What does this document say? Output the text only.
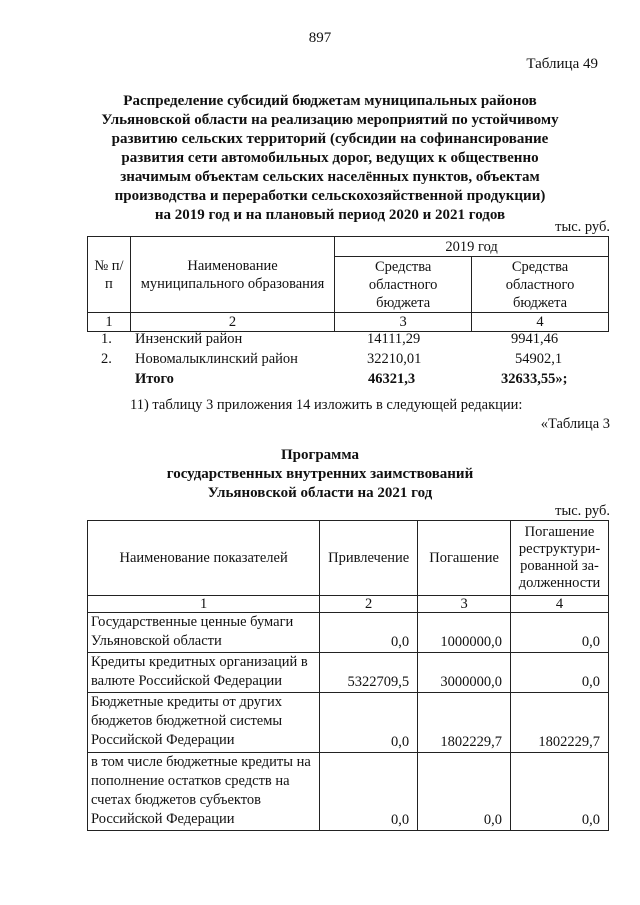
897
Таблица 49
Распределение субсидий бюджетам муниципальных районов
Ульяновской области на реализацию мероприятий по устойчивому
развитию сельских территорий (субсидии на софинансирование
развития сети автомобильных дорог, ведущих к общественно
значимым объектам сельских населённых пунктов, объектам
производства и переработки сельскохозяйственной продукции)
на 2019 год и на плановый период 2020 и 2021 годов
тыс. руб.
№ п/п	Наименование муниципального образования	2019 год	
		Средства областного бюджета	Средства областного бюджета
1	2	3	4
1. Инзенский район	14111,29	9941,46
2. Новомалыклинский район	32210,01	54902,1
Итого	46321,3	32633,55»;
11) таблицу 3 приложения 14 изложить в следующей редакции:
«Таблица 3
Программа
государственных внутренних заимствований
Ульяновской области на 2021 год
тыс. руб.
Наименование показателей	Привлечение	Погашение	Погашение реструктури-рованной за-долженности
1	2	3	4
Государственные ценные бумаги Ульяновской области	0,0	1000000,0	0,0
Кредиты кредитных организаций в валюте Российской Федерации	5322709,5	3000000,0	0,0
Бюджетные кредиты от других бюджетов бюджетной системы Российской Федерации	0,0	1802229,7	1802229,7
в том числе бюджетные кредиты на пополнение остатков средств на счетах бюджетов субъектов Российской Федерации	0,0	0,0	0,0
